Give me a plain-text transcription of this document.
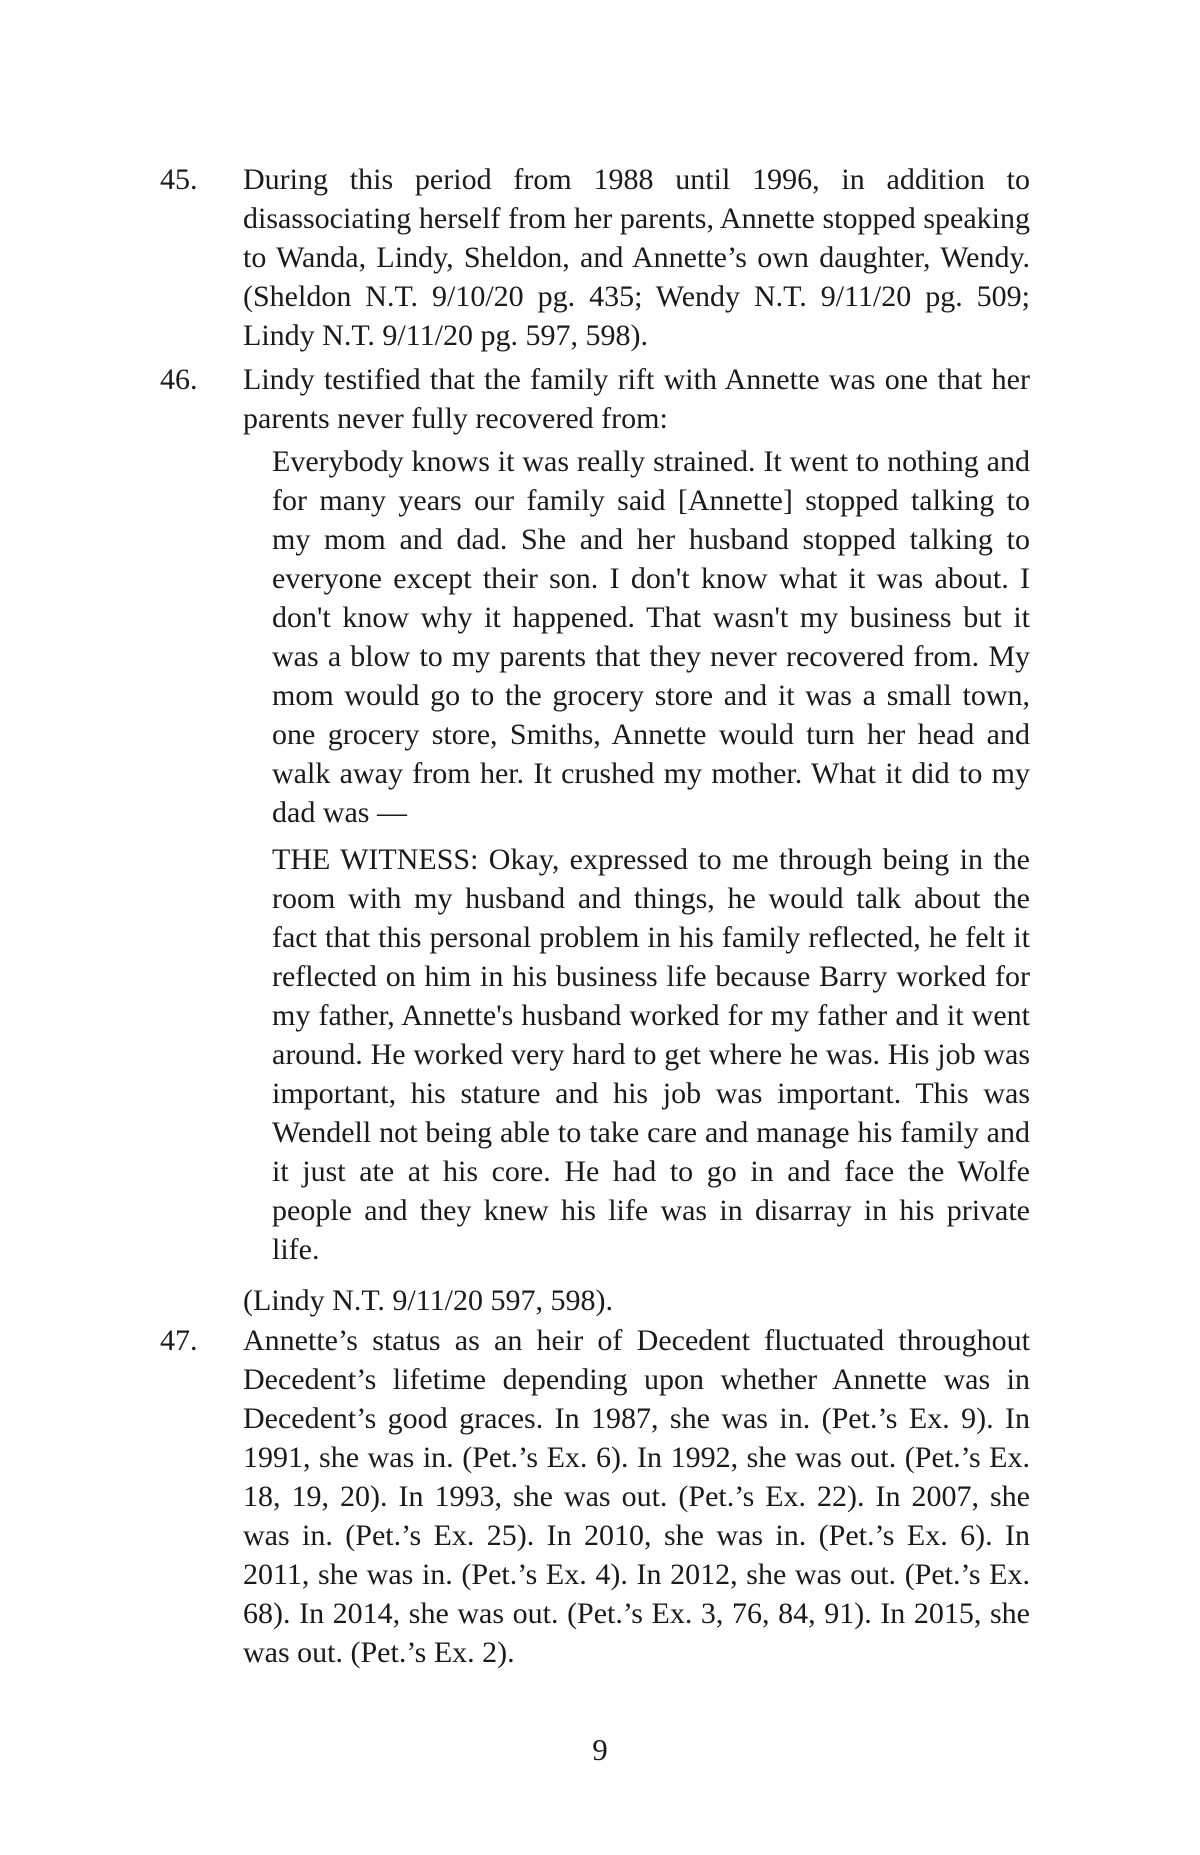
45. During this period from 1988 until 1996, in addition to disassociating herself from her parents, Annette stopped speaking to Wanda, Lindy, Sheldon, and Annette’s own daughter, Wendy. (Sheldon N.T. 9/10/20 pg. 435; Wendy N.T. 9/11/20 pg. 509; Lindy N.T. 9/11/20 pg. 597, 598).
46. Lindy testified that the family rift with Annette was one that her parents never fully recovered from:

Everybody knows it was really strained. It went to nothing and for many years our family said [Annette] stopped talking to my mom and dad. She and her husband stopped talking to everyone except their son. I don't know what it was about. I don't know why it happened. That wasn't my business but it was a blow to my parents that they never recovered from. My mom would go to the grocery store and it was a small town, one grocery store, Smiths, Annette would turn her head and walk away from her. It crushed my mother. What it did to my dad was —

THE WITNESS: Okay, expressed to me through being in the room with my husband and things, he would talk about the fact that this personal problem in his family reflected, he felt it reflected on him in his business life because Barry worked for my father, Annette's husband worked for my father and it went around. He worked very hard to get where he was. His job was important, his stature and his job was important. This was Wendell not being able to take care and manage his family and it just ate at his core. He had to go in and face the Wolfe people and they knew his life was in disarray in his private life.

(Lindy N.T. 9/11/20 597, 598).

47. Annette’s status as an heir of Decedent fluctuated throughout Decedent’s lifetime depending upon whether Annette was in Decedent’s good graces. In 1987, she was in. (Pet.’s Ex. 9). In 1991, she was in. (Pet.’s Ex. 6). In 1992, she was out. (Pet.’s Ex. 18, 19, 20). In 1993, she was out. (Pet.’s Ex. 22). In 2007, she was in. (Pet.’s Ex. 25). In 2010, she was in. (Pet.’s Ex. 6). In 2011, she was in. (Pet.’s Ex. 4). In 2012, she was out. (Pet.’s Ex. 68). In 2014, she was out. (Pet.’s Ex. 3, 76, 84, 91). In 2015, she was out. (Pet.’s Ex. 2).
9
